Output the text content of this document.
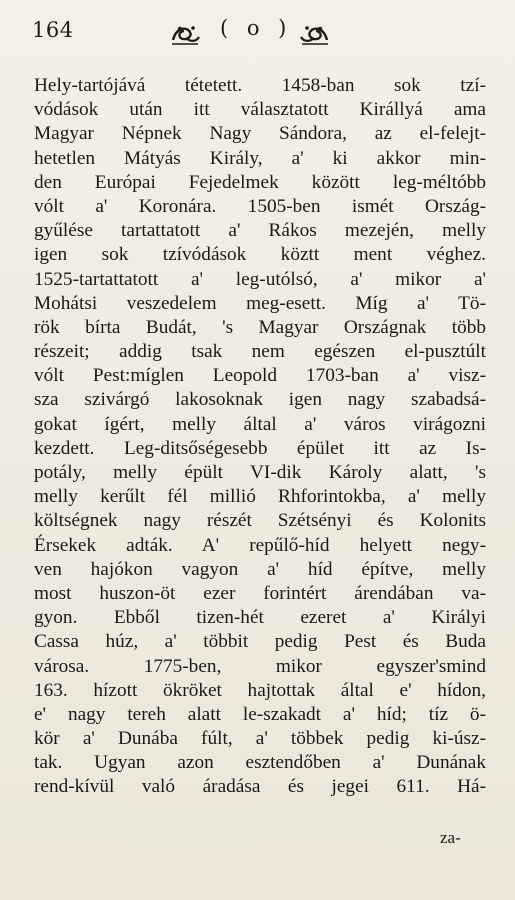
164	( o )
Hely-tartójává tétetett. 1458-ban sok tzí-
vódások után itt választatott Királlyá ama
Magyar Népnek Nagy Sándora, az el-felejt-
hetetlen Mátyás Király, a' ki akkor min-
den Európai Fejedelmek között leg-méltóbb
vólt a' Koronára. 1505-ben ismét Ország-
gyűlése tartattatott a' Rákos mezején, melly
igen sok tzívódások köztt ment véghez.
1525-tartattatott a' leg-utólsó, a' mikor a'
Mohátsi veszedelem meg-esett. Míg a' Tö-
rök bírta Budát, 's Magyar Országnak több
részeit; addig tsak nem egészen el-pusztúlt
vólt Pest:míglen Leopold 1703-ban a' visz-
sza szivárgó lakosoknak igen nagy szabadsá-
gokat ígért, melly által a' város virágozni
kezdett. Leg-ditsőségesebb épület itt az Is-
potály, melly épült VI-dik Károly alatt, 's
melly kerűlt fél millió Rhforintokba, a' melly
költségnek nagy részét Szétsényi és Kolonits
Érsekek adták. A' repűlő-híd helyett negy-
ven hajókon vagyon a' híd építve, melly
most huszon-öt ezer forintért árendában va-
gyon. Ebből tizen-hét ezeret a' Királyi
Cassa húz, a' többit pedig Pest és Buda
városa. 1775-ben, mikor egyszer'smind
163. hízott ökröket hajtottak által e' hídon,
e' nagy tereh alatt le-szakadt a' híd; tíz ö-
kör a' Dunába fúlt, a' többek pedig ki-úsz-
tak. Ugyan azon esztendőben a' Dunának
rend-kívül való áradása és jegei 611. Há-
za-
